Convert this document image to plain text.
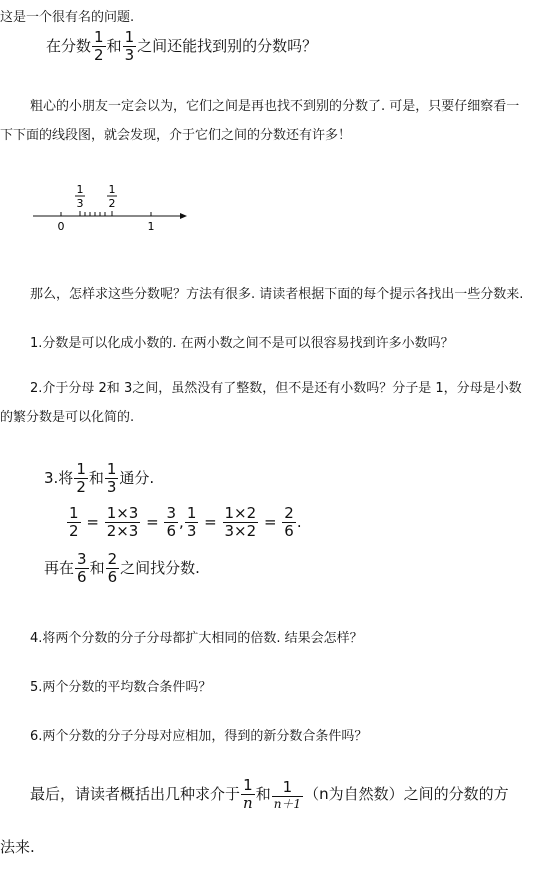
这是一个很有名的问题.
在分数 $\frac{1}{2}$ 和 $\frac{1}{3}$ 之间还能找到别的分数吗？
粗心的小朋友一定会以为，它们之间是再也找不到别的分数了. 可是，只要仔细察看一
下下面的线段图，就会发现，介于它们之间的分数还有许多！
1
3
1
2
0	1
那么，怎样求这些分数呢？方法有很多. 请读者根据下面的每个提示各找出一些分数来.
1.分数是可以化成小数的. 在两小数之间不是可以很容易找到许多小数吗？
2.介于分母 2和 3之间，虽然没有了整数，但不是还有小数吗？分子是 1，分母是小数
的繁分数是可以化简的.
3.将 $\frac{1}{2}$ 和 $\frac{1}{3}$ 通分.
$\frac{1}{2} = \frac{1\times 3}{2\times 3} = \frac{3}{6}$ , $\frac{1}{3} = \frac{1\times 2}{3\times 2} = \frac{2}{6}$ .
再在 $\frac{3}{6}$ 和 $\frac{2}{6}$ 之间找分数.
4.将两个分数的分子分母都扩大相同的倍数. 结果会怎样？
5.两个分数的平均数合条件吗？
6.两个分数的分子分母对应相加，得到的新分数合条件吗？
最后，请读者概括出几种求介于 $\frac{1}{n}$ 和 $\frac{1}{n+1} (n$为自然数）之间的分数的方
法来.
